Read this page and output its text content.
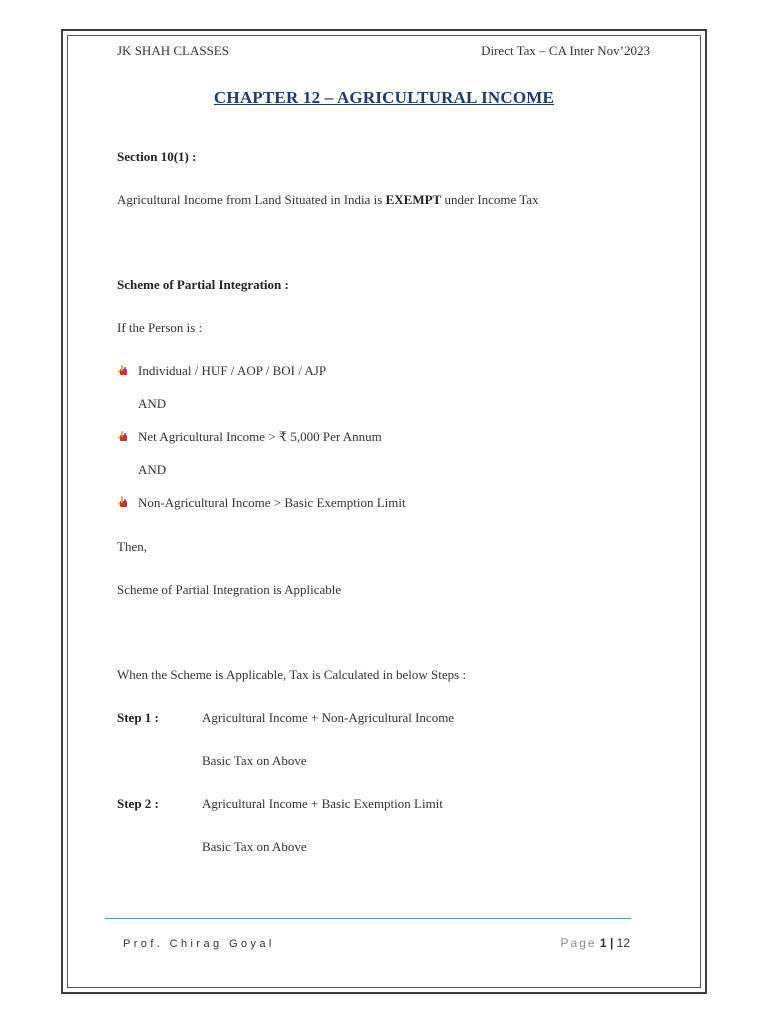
JK SHAH CLASSES	Direct Tax – CA Inter Nov’2023
CHAPTER 12 – AGRICULTURAL INCOME
Section 10(1) :
Agricultural Income from Land Situated in India is EXEMPT under Income Tax
Scheme of Partial Integration :
If the Person is :
Individual / HUF / AOP / BOI / AJP
AND
Net Agricultural Income > ₹ 5,000 Per Annum
AND
Non-Agricultural Income > Basic Exemption Limit
Then,
Scheme of Partial Integration is Applicable
When the Scheme is Applicable, Tax is Calculated in below Steps :
Step 1 :	Agricultural Income + Non-Agricultural Income
Basic Tax on Above
Step 2 :	Agricultural Income + Basic Exemption Limit
Basic Tax on Above
Prof. Chirag Goyal	Page 1 | 12
